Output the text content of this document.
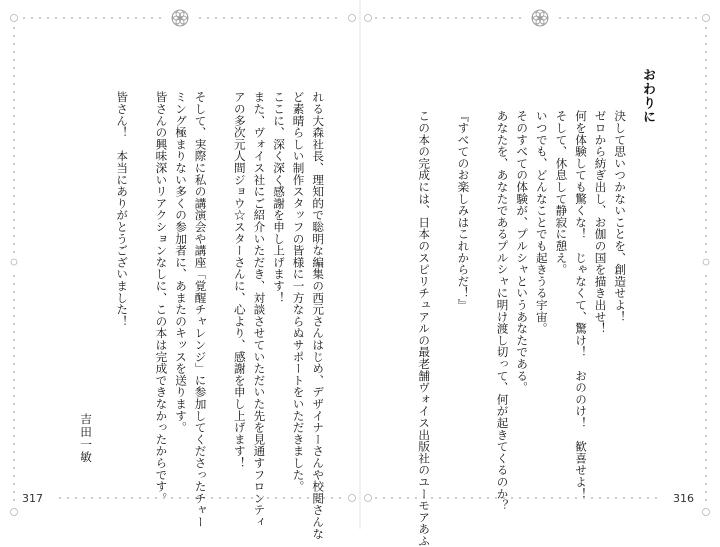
おわりに
決して思いつかないことを、創造せよ！
ゼロから紡ぎ出し、お伽の国を描き出せ！
何を体験しても驚くな！　じゃなくて、驚け！　おののけ！　歓喜せよ！
そして、休息して静寂に憩え。
いつでも、どんなことでも起きうる宇宙。
そのすべての体験が、プルシャというあなたである。
あなたを、あなたであるプルシャに明け渡し切って、何が起きてくるのか？
『すべてのお楽しみはこれからだ！』
この本の完成には、日本のスピリチュアルの最老舗ヴォイス出版社のユーモアあふ	316
れる大森社長、理知的で聡明な編集の西元さんはじめ、デザイナーさんや校閲さんな
ど素晴らしい制作スタッフの皆様に一方ならぬサポートをいただきました。
ここに、深く深く感謝を申し上げます！
また、ヴォイス社にご紹介いただき、対談させていただいた先を見通すフロンティ
アの多次元人間ジョウ☆スターさんに、心より、感謝を申し上げます！
そして、実際に私の講演会や講座「覚醒チャレンジ」に参加してくださったチャー
ミング極まりない多くの参加者に、あまたのキッスを送ります。
皆さんの興味深いリアクションなしに、この本は完成できなかったからです。
皆さん！　本当にありがとうございました！
吉田一敏
317
